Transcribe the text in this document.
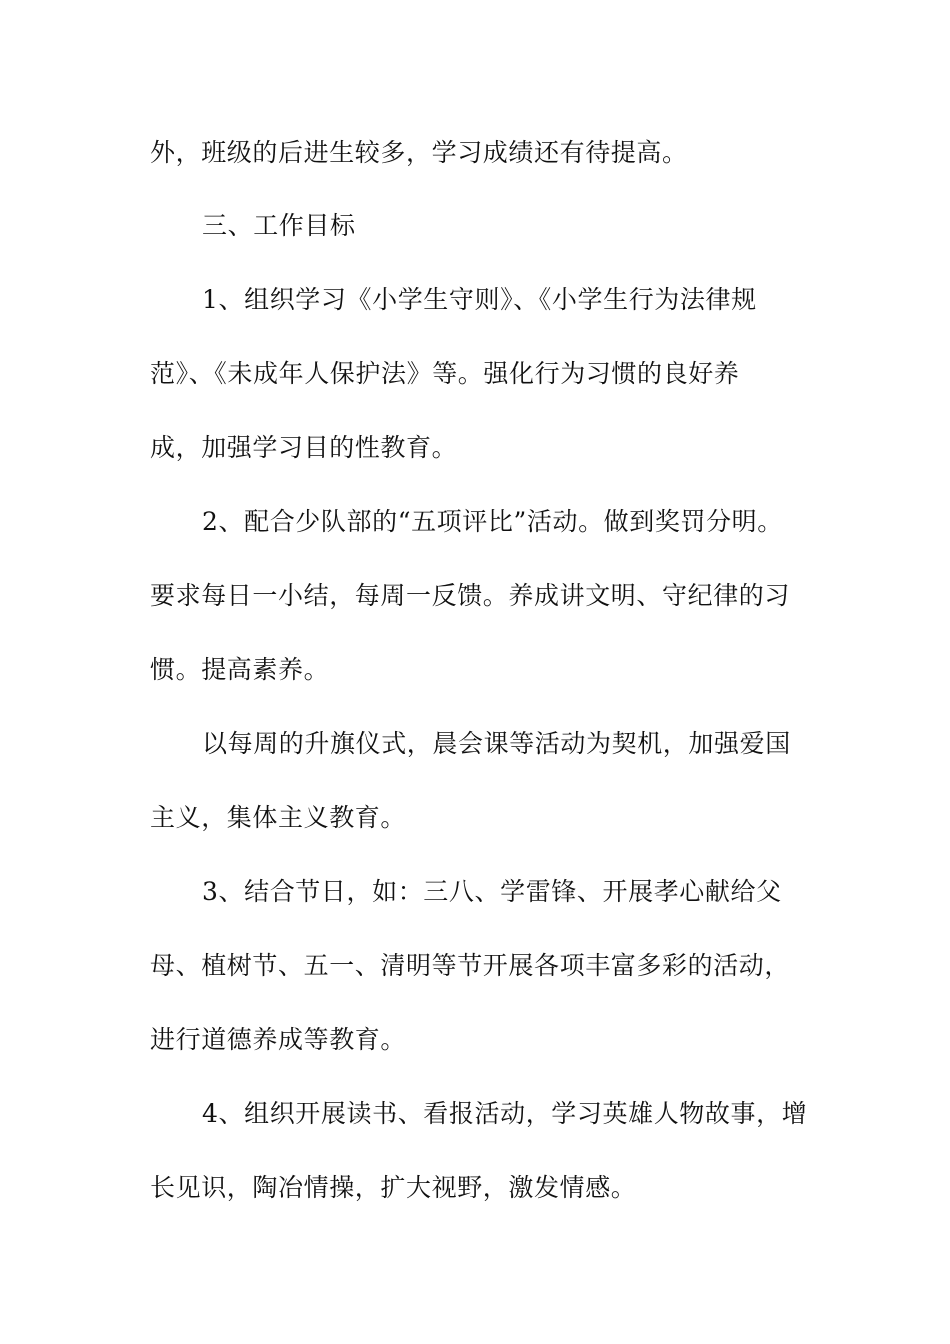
外，班级的后进生较多，学习成绩还有待提高。
三、工作目标
1、组织学习《小学生守则》、《小学生行为法律规
范》、《未成年人保护法》等。强化行为习惯的良好养
成，加强学习目的性教育。
2、配合少队部的“五项评比”活动。做到奖罚分明。
要求每日一小结，每周一反馈。养成讲文明、守纪律的习
惯。提高素养。
以每周的升旗仪式，晨会课等活动为契机，加强爱国
主义，集体主义教育。
3、结合节日，如：三八、学雷锋、开展孝心献给父
母、植树节、五一、清明等节开展各项丰富多彩的活动，
进行道德养成等教育。
4、组织开展读书、看报活动，学习英雄人物故事，增
长见识，陶冶情操，扩大视野，激发情感。
